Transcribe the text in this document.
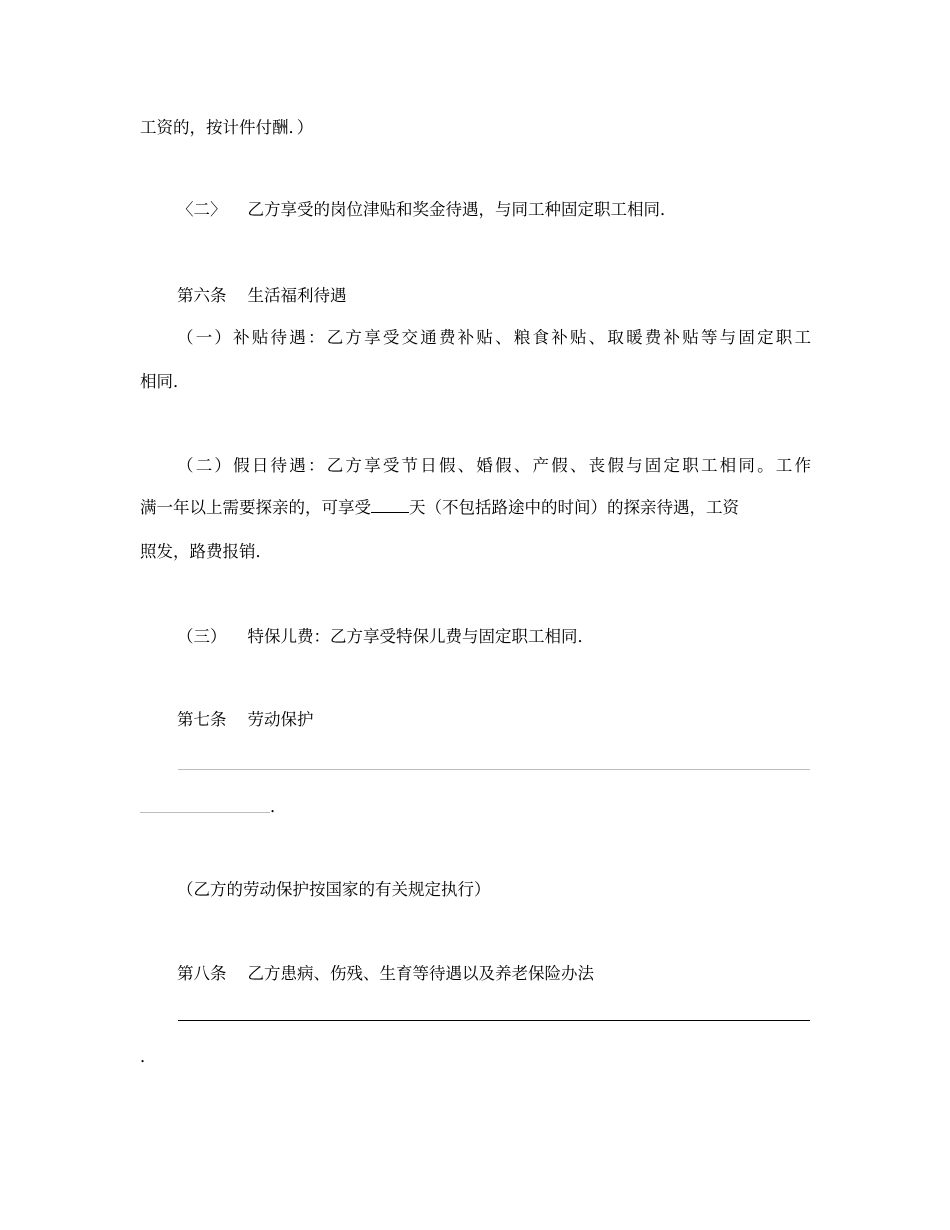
工资的，按计件付酬．）
〈二〉    乙方享受的岗位津贴和奖金待遇，与同工种固定职工相同．
第六条    生活福利待遇
（一）补贴待遇：乙方享受交通费补贴、粮食补贴、取暖费补贴等与固定职工
相同．
（二）假日待遇：乙方享受节日假、婚假、产假、丧假与固定职工相同。工作
满一年以上需要探亲的，可享受 天（不包括路途中的时间）的探亲待遇，工资
照发，路费报销．
（三）    特保儿费：乙方享受特保儿费与固定职工相同．
第七条    劳动保护
．
（乙方的劳动保护按国家的有关规定执行）
第八条    乙方患病、伤残、生育等待遇以及养老保险办法
．
